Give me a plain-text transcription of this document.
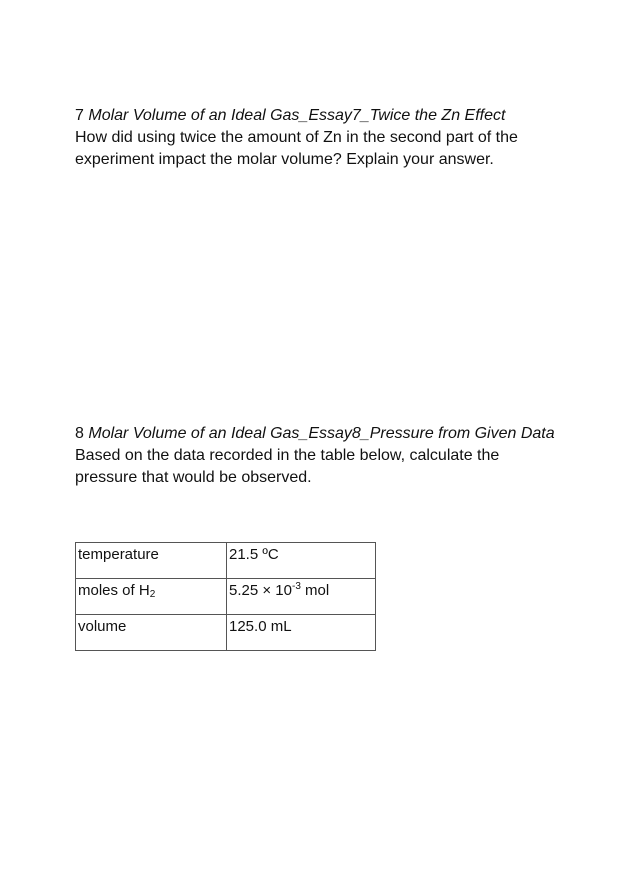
7 Molar Volume of an Ideal Gas_Essay7_Twice the Zn Effect

How did using twice the amount of Zn in the second part of the experiment impact the molar volume? Explain your answer.

8 Molar Volume of an Ideal Gas_Essay8_Pressure from Given Data

Based on the data recorded in the table below, calculate the pressure that would be observed.

temperature	21.5 ºC
moles of $H_2$	$5.25 \times 10^{-3}$ mol
volume	125.0 mL
